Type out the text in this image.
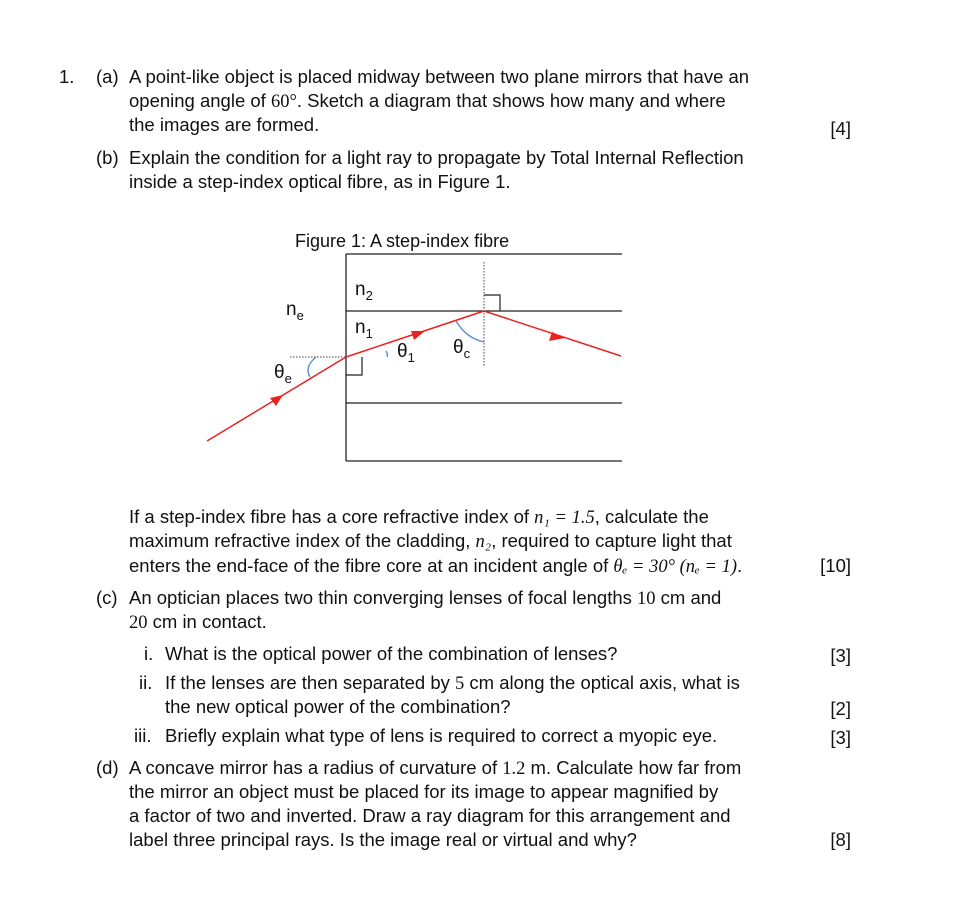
1. (a) A point-like object is placed midway between two plane mirrors that have an
opening angle of 60°. Sketch a diagram that shows how many and where
the images are formed.	[4]
(b) Explain the condition for a light ray to propagate by Total Internal Reflection
inside a step-index optical fibre, as in Figure 1.
Figure 1: A step-index fibre
$n_2$
$n_1$
$n_e$
$\theta_e$
$\theta_1$ $\theta_c$
If a step-index fibre has a core refractive index of n₁ = 1.5, calculate the
maximum refractive index of the cladding, n₂, required to capture light that
enters the end-face of the fibre core at an incident angle of θₑ = 30° (nₑ = 1).	[10]
(c) An optician places two thin converging lenses of focal lengths 10 cm and
20 cm in contact.
i. What is the optical power of the combination of lenses?	[3]
ii. If the lenses are then separated by 5 cm along the optical axis, what is
the new optical power of the combination?	[2]
iii. Briefly explain what type of lens is required to correct a myopic eye.	[3]
(d) A concave mirror has a radius of curvature of 1.2 m. Calculate how far from
the mirror an object must be placed for its image to appear magnified by
a factor of two and inverted. Draw a ray diagram for this arrangement and
label three principal rays. Is the image real or virtual and why?	[8]
